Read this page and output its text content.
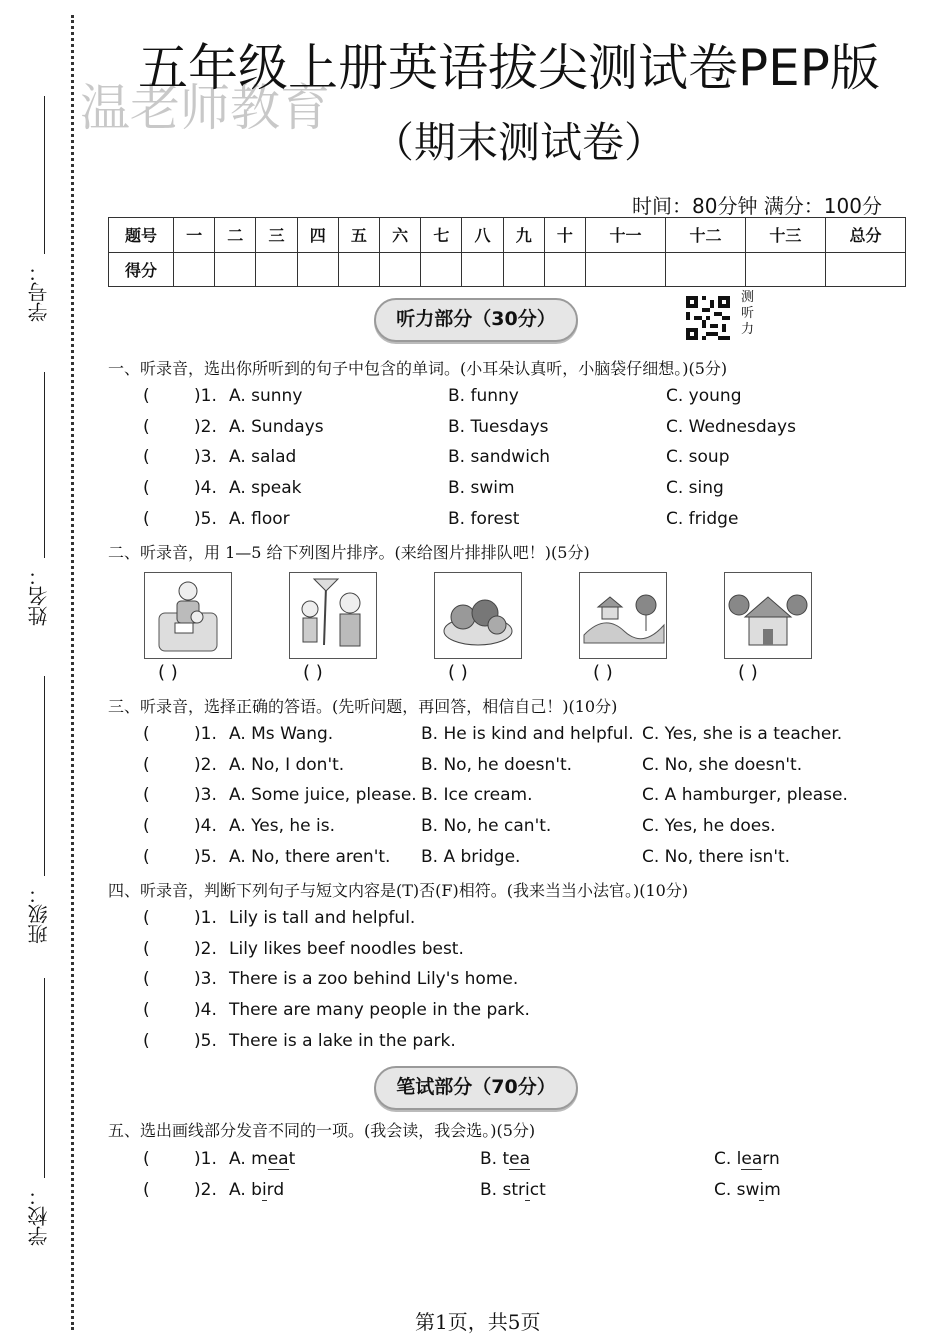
学号：
姓名：
班级：
学校：
温老师教育
五年级上册英语拔尖测试卷PEP版
（期末测试卷）
时间：80分钟 满分：100分
题号	一	二	三	四	五	六	七	八	九	十	十一	十二	十三	总分
得分														
听力部分（30分）
测听力
一、听录音，选出你所听到的句子中包含的单词。(小耳朵认真听，小脑袋仔细想。)(5分)
(	)1. A. sunny	B. funny	C. young
(	)2. A. Sundays	B. Tuesdays	C. Wednesdays
(	)3. A. salad	B. sandwich	C. soup
(	)4. A. speak	B. swim	C. sing
(	)5. A. floor	B. forest	C. fridge
二、听录音，用 1—5 给下列图片排序。(来给图片排排队吧！)(5分)
( )	( )	( )	( )	( )
三、听录音，选择正确的答语。(先听问题，再回答，相信自己！)(10分)
(	)1. A. Ms Wang.	B. He is kind and helpful. C. Yes, she is a teacher.
(	)2. A. No, I don't.	B. No, he doesn't.	C. No, she doesn't.
(	)3. A. Some juice, please. B. Ice cream.	C. A hamburger, please.
(	)4. A. Yes, he is.	B. No, he can't.	C. Yes, he does.
(	)5. A. No, there aren't. B. A bridge.	C. No, there isn't.
四、听录音，判断下列句子与短文内容是(T)否(F)相符。(我来当当小法官。)(10分)
(	)1. Lily is tall and helpful.
(	)2. Lily likes beef noodles best.
(	)3. There is a zoo behind Lily's home.
(	)4. There are many people in the park.
(	)5. There is a lake in the park.
笔试部分（70分）
五、选出画线部分发音不同的一项。(我会读，我会选。)(5分)
(	)1. A. meat	B. tea	C. learn
(	)2. A. bird	B. strict	C. swim
第1页，共5页
